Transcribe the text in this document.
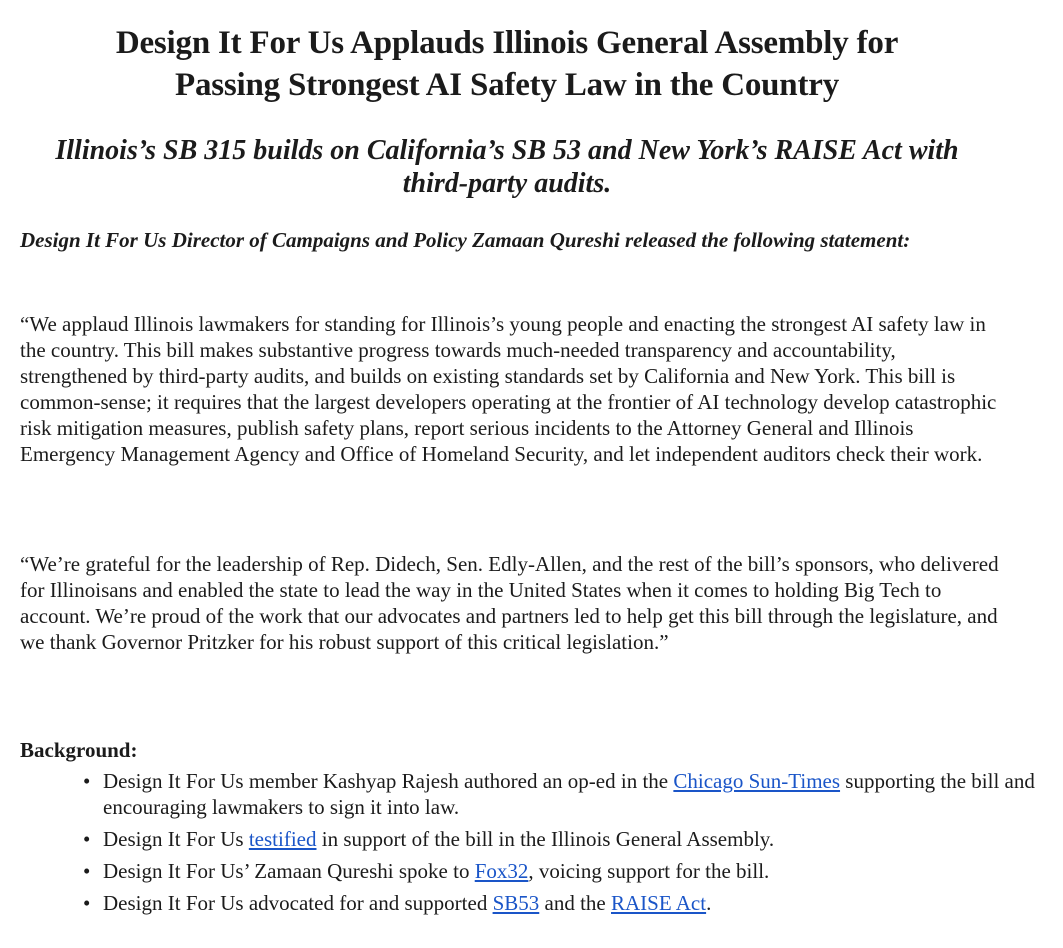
Design It For Us Applauds Illinois General Assembly for
Passing Strongest AI Safety Law in the Country
Illinois’s SB 315 builds on California’s SB 53 and New York’s RAISE Act with
third-party audits.

Design It For Us Director of Campaigns and Policy Zamaan Qureshi released the following statement:

“We applaud Illinois lawmakers for standing for Illinois’s young people and enacting the strongest AI safety law in the country. This bill makes substantive progress towards much-needed transparency and accountability, strengthened by third-party audits, and builds on existing standards set by California and New York. This bill is common-sense; it requires that the largest developers operating at the frontier of AI technology develop catastrophic risk mitigation measures, publish safety plans, report serious incidents to the Attorney General and Illinois Emergency Management Agency and Office of Homeland Security, and let independent auditors check their work.

“We’re grateful for the leadership of Rep. Didech, Sen. Edly-Allen, and the rest of the bill’s sponsors, who delivered for Illinoisans and enabled the state to lead the way in the United States when it comes to holding Big Tech to account. We’re proud of the work that our advocates and partners led to help get this bill through the legislature, and we thank Governor Pritzker for his robust support of this critical legislation.”

Background:

• Design It For Us member Kashyap Rajesh authored an op-ed in the Chicago Sun-Times supporting the bill and encouraging lawmakers to sign it into law.
• Design It For Us testified in support of the bill in the Illinois General Assembly.
• Design It For Us’ Zamaan Qureshi spoke to Fox32, voicing support for the bill.
• Design It For Us advocated for and supported SB53 and the RAISE Act.
